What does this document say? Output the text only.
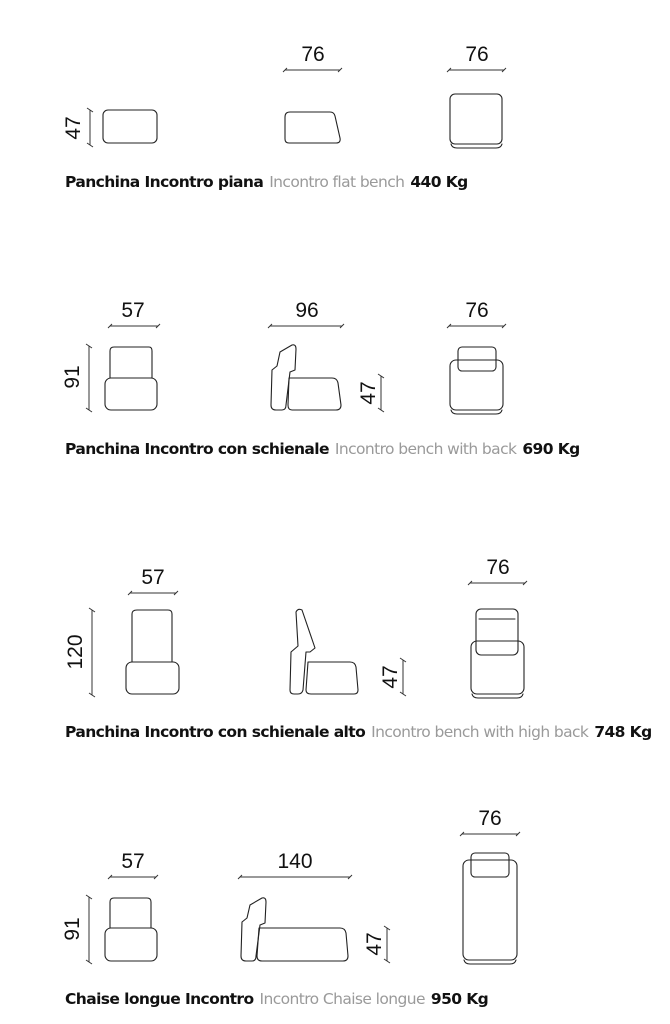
47
76	76
57
91
96
47
76
57
120
47
76
57
91
140
47
76
Panchina Incontro piana Incontro flat bench 440 Kg
Panchina Incontro con schienale Incontro bench with back 690 Kg
Panchina Incontro con schienale alto Incontro bench with high back 748 Kg
Chaise longue Incontro Incontro Chaise longue 950 Kg
